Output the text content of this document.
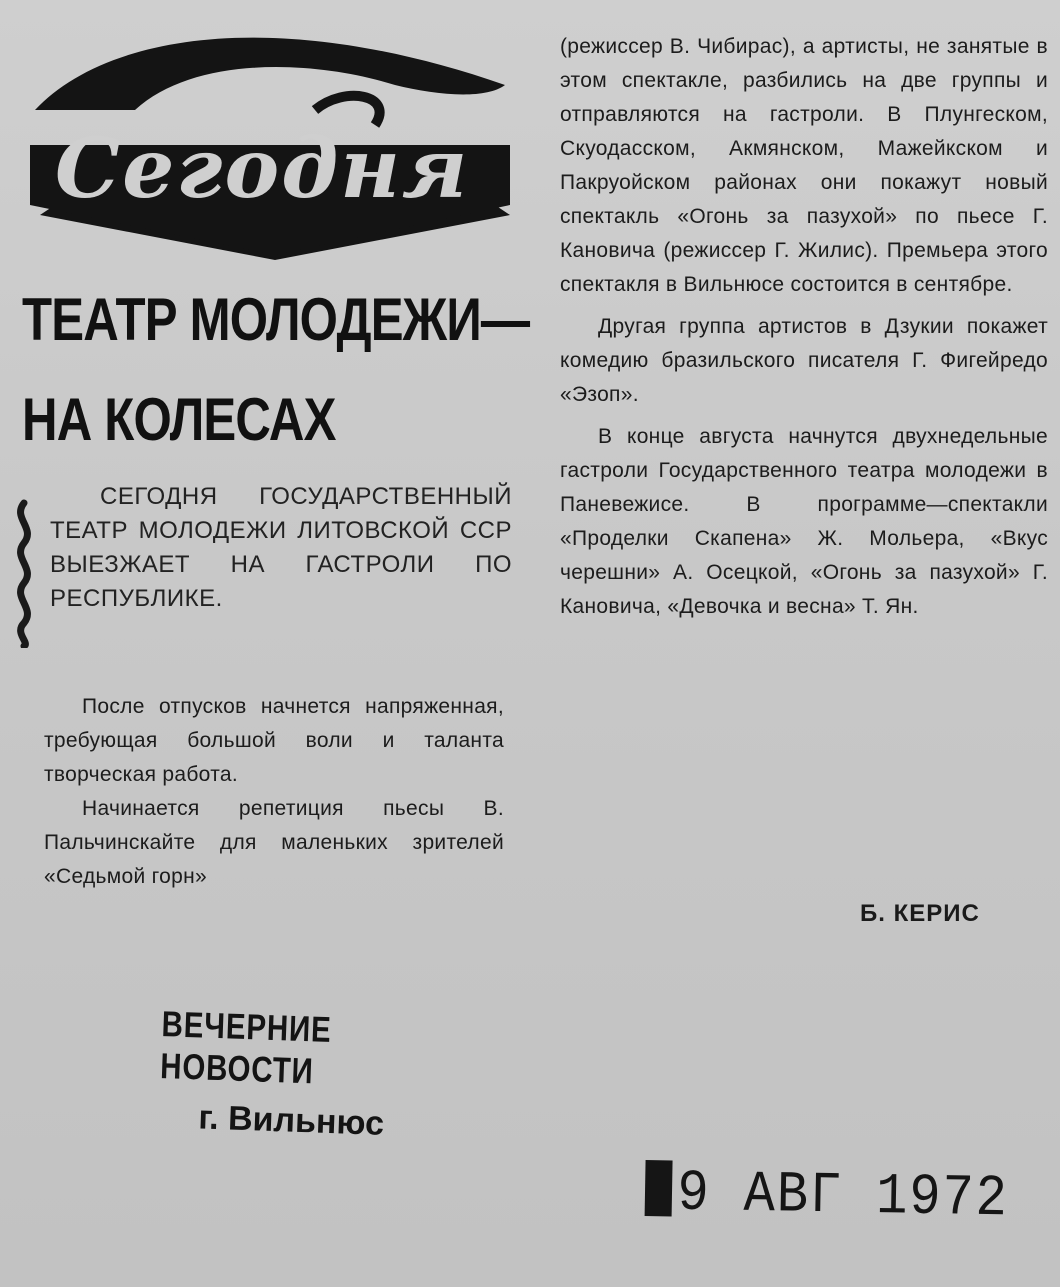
Сегодня
ТЕАТР МОЛОДЕЖИ—
НА КОЛЕСАХ
СЕГОДНЯ ГОСУДАРСТВЕННЫЙ ТЕАТР МОЛОДЕЖИ ЛИТОВСКОЙ ССР ВЫЕЗЖАЕТ НА ГАСТРОЛИ ПО РЕСПУБЛИКЕ.

После отпусков начнется напряженная, требующая большой воли и таланта творческая работа.

Начинается репетиция пьесы В. Пальчинскайте для маленьких зрителей «Седьмой горн»

(режиссер В. Чибирас), а артисты, не занятые в этом спектакле, разбились на две группы и отправляются на гастроли. В Плунгеском, Скуодасском, Акмянском, Мажейкском и Пакруойском районах они покажут новый спектакль «Огонь за пазухой» по пьесе Г. Кановича (режиссер Г. Жилис). Премьера этого спектакля в Вильнюсе состоится в сентябре.

Другая группа артистов в Дзукии покажет комедию бразильского писателя Г. Фигейредо «Эзоп».

В конце августа начнутся двухнедельные гастроли Государственного театра молодежи в Паневежисе. В программе—спектакли «Проделки Скапена» Ж. Мольера, «Вкус черешни» А. Осецкой, «Огонь за пазухой» Г. Кановича, «Девочка и весна» Т. Ян.

Б. КЕРИС
ВЕЧЕРНИЕ НОВОСТИ
г. Вильнюс
9 АВГ 1972
